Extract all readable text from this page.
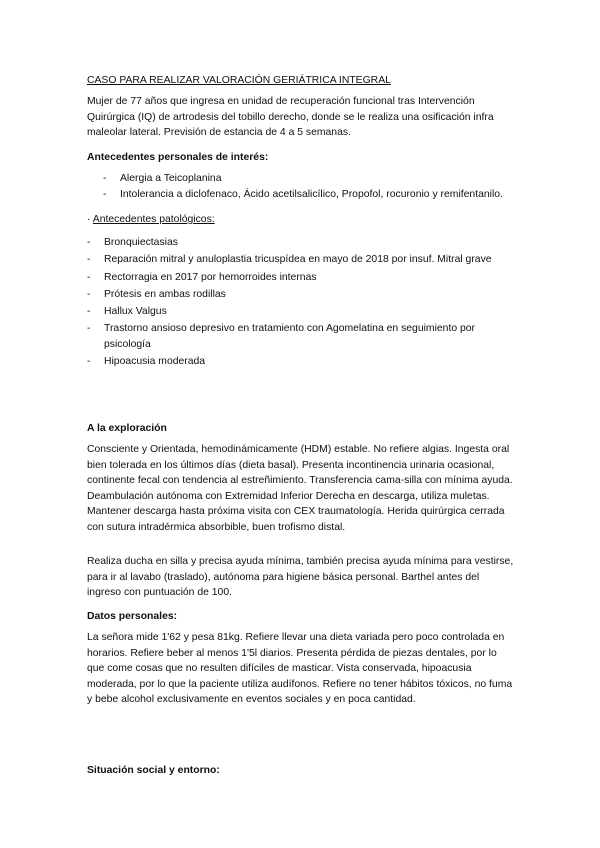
CASO PARA REALIZAR VALORACIÓN GERIÁTRICA INTEGRAL

Mujer de 77 años que ingresa en unidad de recuperación funcional tras Intervención Quirúrgica (IQ) de artrodesis del tobillo derecho, donde se le realiza una osificación infra maleolar lateral. Previsión de estancia de 4 a 5 semanas.

Antecedentes personales de interés:
- Alergia a Teicoplanina
- Intolerancia a diclofenaco, Ácido acetilsalicílico, Propofol, rocuronio y remifentanilo.
· Antecedentes patológicos:
- Bronquiectasias
- Reparación mitral y anuloplastia tricuspídea en mayo de 2018 por insuf. Mitral grave
- Rectorragia en 2017 por hemorroides internas
- Prótesis en ambas rodillas
- Hallux Valgus
- Trastorno ansioso depresivo en tratamiento con Agomelatina en seguimiento por psicología
- Hipoacusia moderada
A la exploración

Consciente y Orientada, hemodinámicamente (HDM) estable. No refiere algias. Ingesta oral bien tolerada en los últimos días (dieta basal). Presenta incontinencia urinaria ocasional, continente fecal con tendencia al estreñimiento. Transferencia cama-silla con mínima ayuda. Deambulación autónoma con Extremidad Inferior Derecha en descarga, utiliza muletas. Mantener descarga hasta próxima visita con CEX traumatología. Herida quirúrgica cerrada con sutura intradérmica absorbible, buen trofismo distal.

Realiza ducha en silla y precisa ayuda mínima, también precisa ayuda mínima para vestirse, para ir al lavabo (traslado), autónoma para higiene básica personal. Barthel antes del ingreso con puntuación de 100.

Datos personales:

La señora mide 1'62 y pesa 81kg. Refiere llevar una dieta variada pero poco controlada en horarios. Refiere beber al menos 1'5l diarios. Presenta pérdida de piezas dentales, por lo que come cosas que no resulten difíciles de masticar. Vista conservada, hipoacusia moderada, por lo que la paciente utiliza audífonos. Refiere no tener hábitos tóxicos, no fuma y bebe alcohol exclusivamente en eventos sociales y en poca cantidad.

Situación social y entorno:
